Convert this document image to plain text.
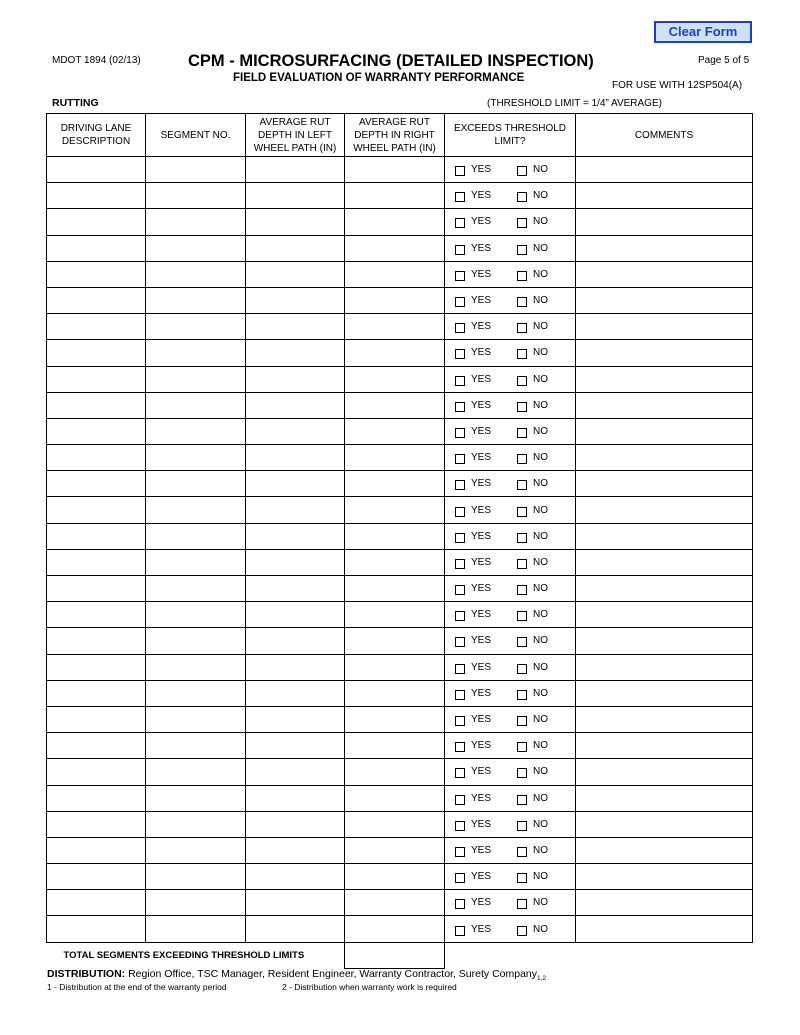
Clear Form
MDOT 1894 (02/13)	CPM - MICROSURFACING (DETAILED INSPECTION)	Page 5 of 5
FIELD EVALUATION OF WARRANTY PERFORMANCE
FOR USE WITH 12SP504(A)
RUTTING	(THRESHOLD LIMIT = 1/4” AVERAGE)
DRIVING LANE
DESCRIPTION	SEGMENT NO.	AVERAGE RUT
DEPTH IN LEFT
WHEEL PATH (IN)	AVERAGE RUT
DEPTH IN RIGHT
WHEEL PATH (IN)	EXCEEDS THRESHOLD
LIMIT?	COMMENTS

				YES NO	

				YES NO	

				YES NO	

				YES NO	

				YES NO	

				YES NO	

				YES NO	

				YES NO	

				YES NO	

				YES NO	

				YES NO	

				YES NO	

				YES NO	

				YES NO	

				YES NO	

				YES NO	

				YES NO	

				YES NO	

				YES NO	

				YES NO	

				YES NO	

				YES NO	

				YES NO	

				YES NO	

				YES NO	

				YES NO	

				YES NO	

				YES NO	

				YES NO	

				YES NO	

TOTAL SEGMENTS EXCEEDING THRESHOLD LIMITS					
DISTRIBUTION: Region Office, TSC Manager, Resident Engineer, Warranty Contractor, Surety Company$_{1,2}$
1 - Distribution at the end of the warranty period	2 - Distribution when warranty work is required
